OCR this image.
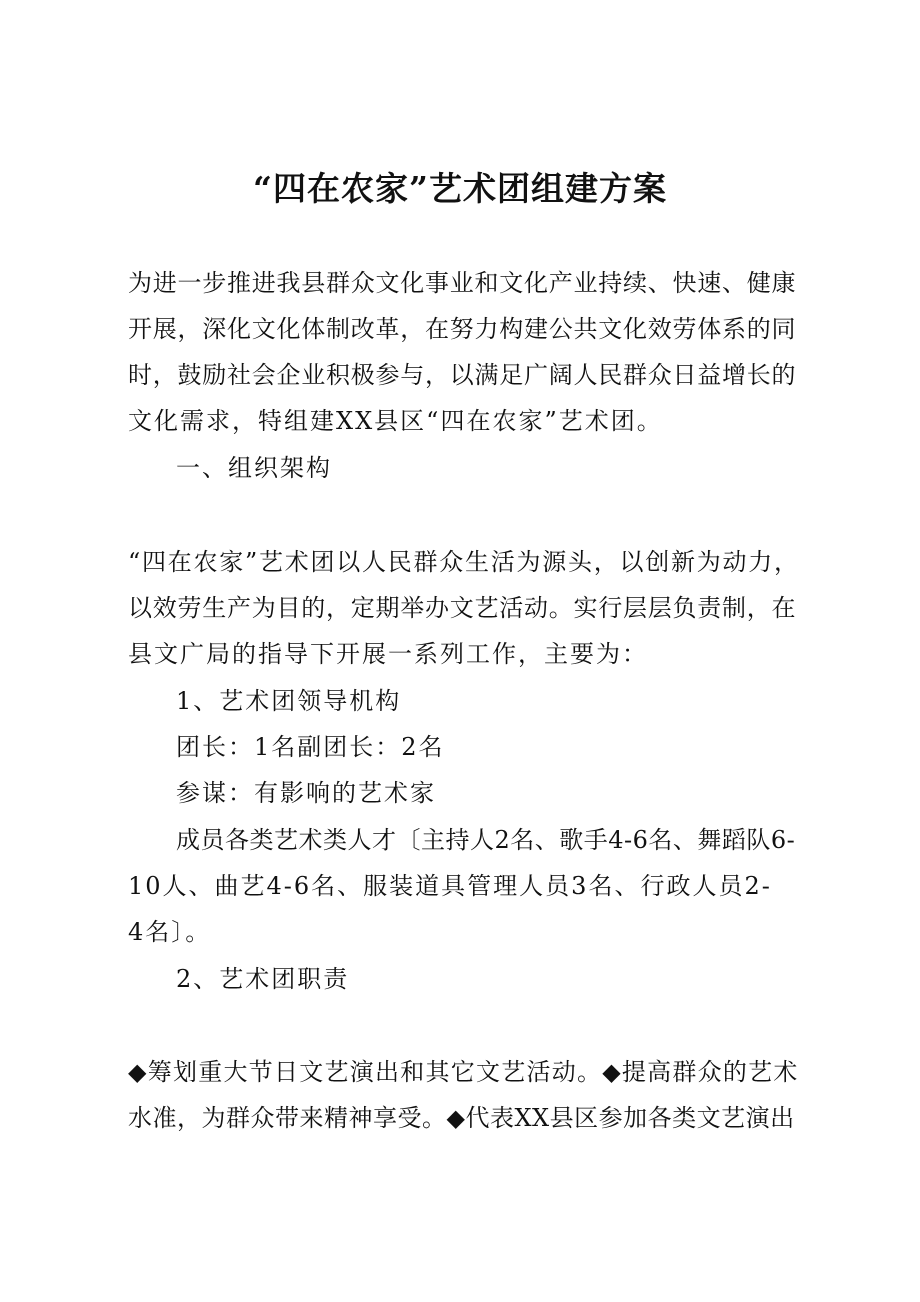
“四在农家”艺术团组建方案
为进一步推进我县群众文化事业和文化产业持续、快速、健康
开展，深化文化体制改革，在努力构建公共文化效劳体系的同
时，鼓励社会企业积极参与，以满足广阔人民群众日益增长的
文化需求，特组建XX县区“四在农家”艺术团。
一、组织架构
“四在农家”艺术团以人民群众生活为源头，以创新为动力，
以效劳生产为目的，定期举办文艺活动。实行层层负责制，在
县文广局的指导下开展一系列工作，主要为：
1、艺术团领导机构
团长：1名副团长：2名
参谋：有影响的艺术家
成员各类艺术类人才〔主持人2名、歌手4-6名、舞蹈队6-
10人、曲艺4-6名、服装道具管理人员3名、行政人员2-
4名〕。
2、艺术团职责
◆筹划重大节日文艺演出和其它文艺活动。◆提高群众的艺术
水准，为群众带来精神享受。◆代表XX县区参加各类文艺演出
